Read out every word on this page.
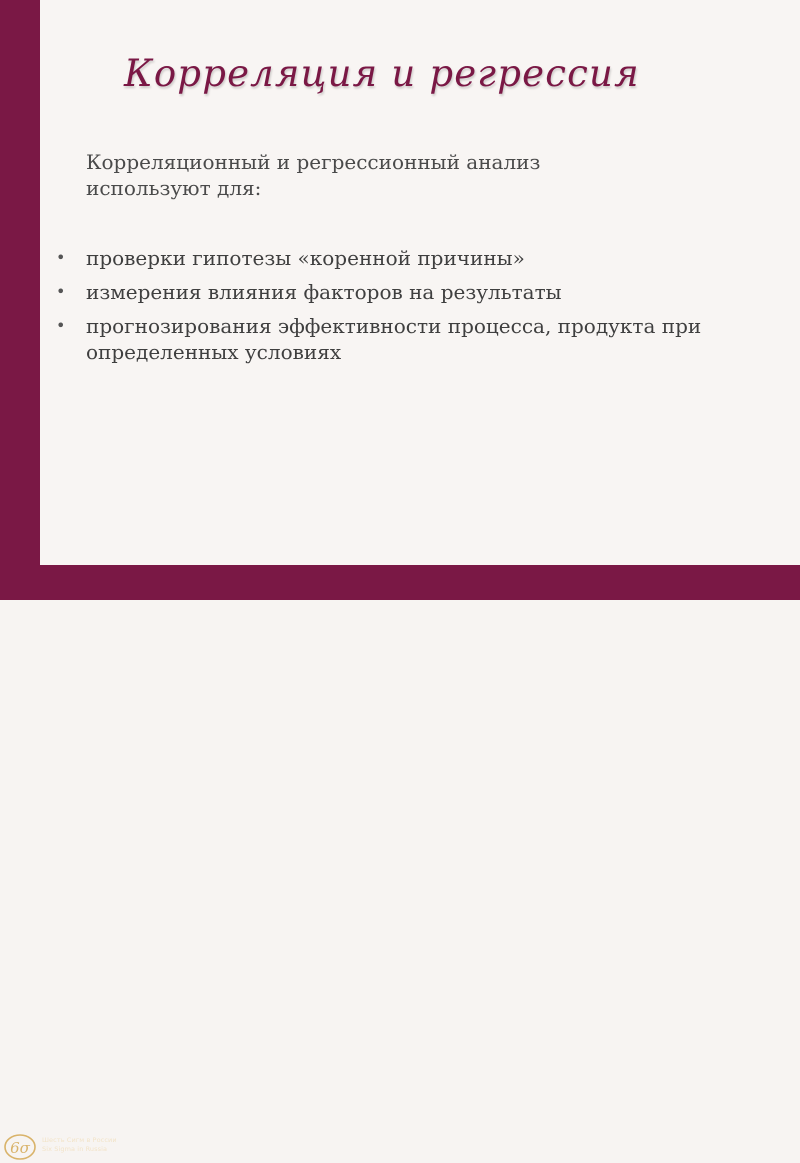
Корреляция и регрессия
Корреляционный и регрессионный анализ
используют для:
• проверки гипотезы «коренной причины»
• измерения влияния факторов на результаты
• прогнозирования эффективности процесса, продукта при определенных условиях
6σ Шесть Сигм в России
Six Sigma in Russia
